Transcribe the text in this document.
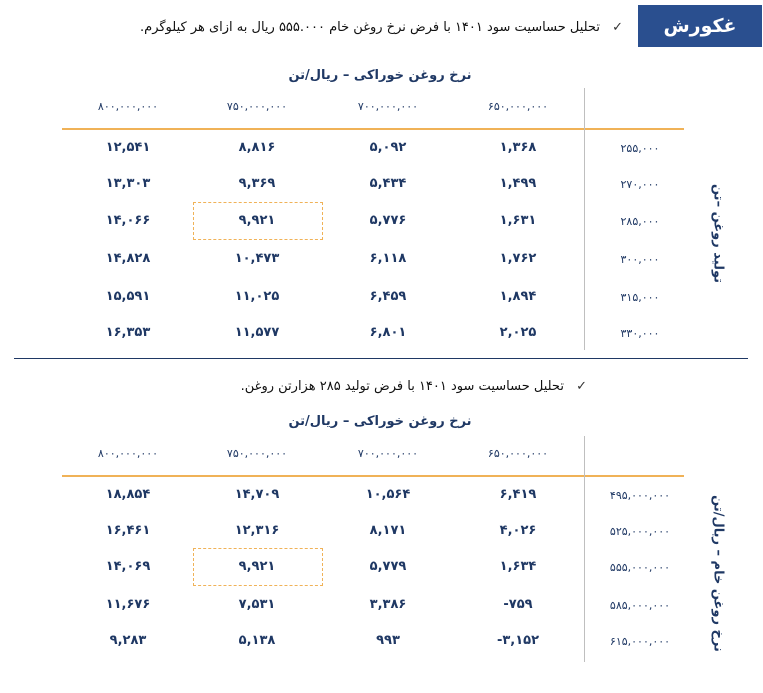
غکورش
✓ تحلیل حساسیت سود ۱۴۰۱ با فرض نرخ روغن خام ۵۵۵.۰۰۰ ریال به ازای هر کیلوگرم.
نرخ روغن خوراکی – ریال/تن
۸۰۰,۰۰۰,۰۰۰	۷۵۰,۰۰۰,۰۰۰	۷۰۰,۰۰۰,۰۰۰	۶۵۰,۰۰۰,۰۰۰
۱۲,۵۴۱	۸,۸۱۶	۵,۰۹۲	۱,۳۶۸	۲۵۵,۰۰۰
۱۳,۳۰۳	۹,۳۶۹	۵,۴۳۴	۱,۴۹۹	۲۷۰,۰۰۰
۱۴,۰۶۶	۹,۹۲۱	۵,۷۷۶	۱,۶۳۱	۲۸۵,۰۰۰
۱۴,۸۲۸	۱۰,۴۷۳	۶,۱۱۸	۱,۷۶۲	۳۰۰,۰۰۰
۱۵,۵۹۱	۱۱,۰۲۵	۶,۴۵۹	۱,۸۹۴	۳۱۵,۰۰۰
۱۶,۳۵۳	۱۱,۵۷۷	۶,۸۰۱	۲,۰۲۵	۳۳۰,۰۰۰
تولید روغن –تن
✓ تحلیل حساسیت سود ۱۴۰۱ با فرض تولید ۲۸۵ هزارتن روغن.
نرخ روغن خوراکی – ریال/تن
۸۰۰,۰۰۰,۰۰۰	۷۵۰,۰۰۰,۰۰۰	۷۰۰,۰۰۰,۰۰۰	۶۵۰,۰۰۰,۰۰۰
۱۸,۸۵۴	۱۴,۷۰۹	۱۰,۵۶۴	۶,۴۱۹	۴۹۵,۰۰۰,۰۰۰
۱۶,۴۶۱	۱۲,۳۱۶	۸,۱۷۱	۴,۰۲۶	۵۲۵,۰۰۰,۰۰۰
۱۴,۰۶۹	۹,۹۲۱	۵,۷۷۹	۱,۶۳۴	۵۵۵,۰۰۰,۰۰۰
۱۱,۶۷۶	۷,۵۳۱	۳,۳۸۶	-۷۵۹	۵۸۵,۰۰۰,۰۰۰
۹,۲۸۳	۵,۱۳۸	۹۹۳	-۳,۱۵۲	۶۱۵,۰۰۰,۰۰۰	نرخ روغن خام – ریال/تن
